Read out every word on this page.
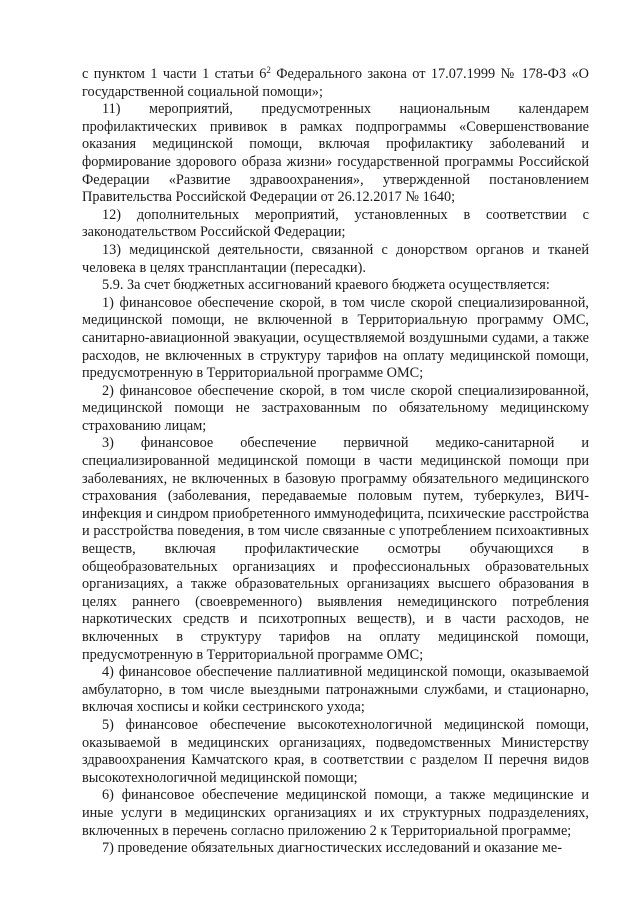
с пунктом 1 части 1 статьи $6^2$ Федерального закона от 17.07.1999 № 178-ФЗ «О государственной социальной помощи»;

11) мероприятий, предусмотренных национальным календарем профилактических прививок в рамках подпрограммы «Совершенствование оказания медицинской помощи, включая профилактику заболеваний и формирование здорового образа жизни» государственной программы Российской Федерации «Развитие здравоохранения», утвержденной постановлением Правительства Российской Федерации от 26.12.2017 № 1640;

12) дополнительных мероприятий, установленных в соответствии с законодательством Российской Федерации;

13) медицинской деятельности, связанной с донорством органов и тканей человека в целях трансплантации (пересадки).

5.9. За счет бюджетных ассигнований краевого бюджета осуществляется:

1) финансовое обеспечение скорой, в том числе скорой специализированной, медицинской помощи, не включенной в Территориальную программу ОМС, санитарно-авиационной эвакуации, осуществляемой воздушными судами, а также расходов, не включенных в структуру тарифов на оплату медицинской помощи, предусмотренную в Территориальной программе ОМС;

2) финансовое обеспечение скорой, в том числе скорой специализированной, медицинской помощи не застрахованным по обязательному медицинскому страхованию лицам;

3) финансовое обеспечение первичной медико-санитарной и специализированной медицинской помощи в части медицинской помощи при заболеваниях, не включенных в базовую программу обязательного медицинского страхования (заболевания, передаваемые половым путем, туберкулез, ВИЧ-инфекция и синдром приобретенного иммунодефицита, психические расстройства и расстройства поведения, в том числе связанные с употреблением психоактивных веществ, включая профилактические осмотры обучающихся в общеобразовательных организациях и профессиональных образовательных организациях, а также образовательных организациях высшего образования в целях раннего (своевременного) выявления немедицинского потребления наркотических средств и психотропных веществ), и в части расходов, не включенных в структуру тарифов на оплату медицинской помощи, предусмотренную в Территориальной программе ОМС;

4) финансовое обеспечение паллиативной медицинской помощи, оказываемой амбулаторно, в том числе выездными патронажными службами, и стационарно, включая хосписы и койки сестринского ухода;

5) финансовое обеспечение высокотехнологичной медицинской помощи, оказываемой в медицинских организациях, подведомственных Министерству здравоохранения Камчатского края, в соответствии с разделом II перечня видов высокотехнологичной медицинской помощи;

6) финансовое обеспечение медицинской помощи, а также медицинские и иные услуги в медицинских организациях и их структурных подразделениях, включенных в перечень согласно приложению 2 к Территориальной программе;

7) проведение обязательных диагностических исследований и оказание ме-
